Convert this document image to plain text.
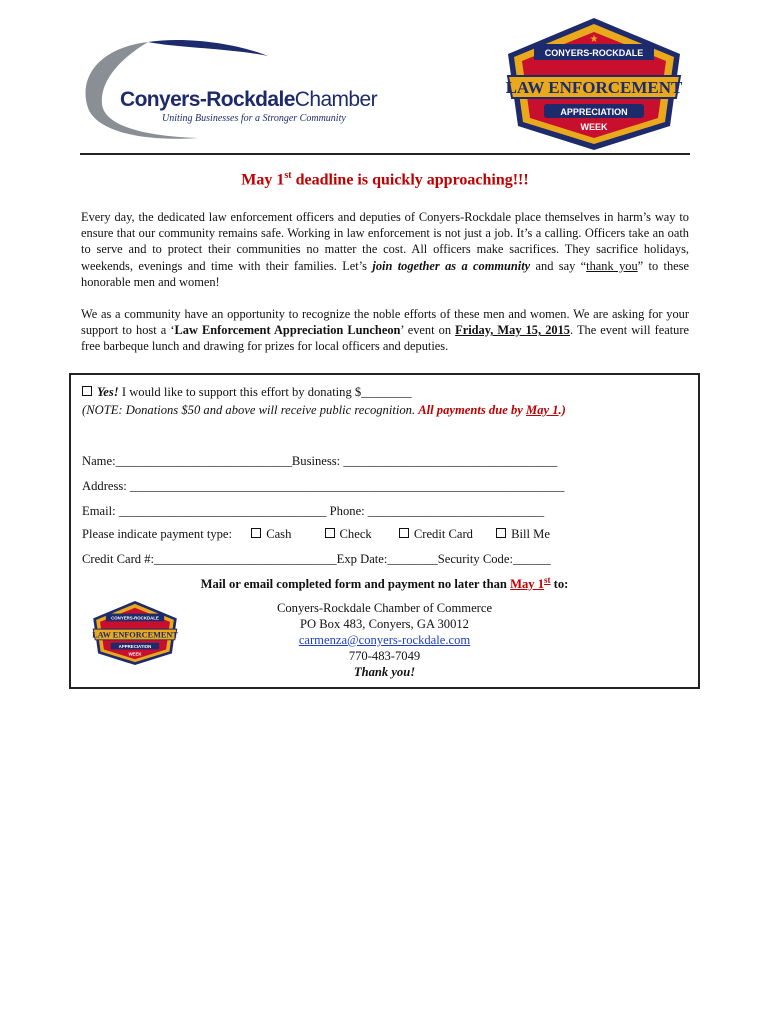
Conyers-RockdaleChamber
Uniting Businesses for a Stronger Community
CONYERS-ROCKDALE
LAW ENFORCEMENT
APPRECIATION
WEEK
★
May 1st deadline is quickly approaching!!!
Every day, the dedicated law enforcement officers and deputies of Conyers-Rockdale place themselves in harm’s way to ensure that our community remains safe. Working in law enforcement is not just a job. It’s a calling. Officers take an oath to serve and to protect their communities no matter the cost. All officers make sacrifices. They sacrifice holidays, weekends, evenings and time with their families. Let’s join together as a community and say “thank you” to these honorable men and women!
We as a community have an opportunity to recognize the noble efforts of these men and women. We are asking for your support to host a ‘Law Enforcement Appreciation Luncheon’ event on Friday, May 15, 2015. The event will feature free barbeque lunch and drawing for prizes for local officers and deputies.
Yes! I would like to support this effort by donating $________
(NOTE: Donations $50 and above will receive public recognition. All payments due by May 1.)
Name:____________________________Business: __________________________________
Address: _____________________________________________________________________
Email: _________________________________ Phone: ____________________________
Please indicate payment type:	Cash	Check	Credit Card	Bill Me
Credit Card #:_____________________________Exp Date:________Security Code:______
Mail or email completed form and payment no later than May 1st to:
Conyers-Rockdale Chamber of Commerce
PO Box 483, Conyers, GA 30012
carmenza@conyers-rockdale.com
770-483-7049
Thank you!
CONYERS-ROCKDALE
LAW ENFORCEMENT
APPRECIATION
WEEK
